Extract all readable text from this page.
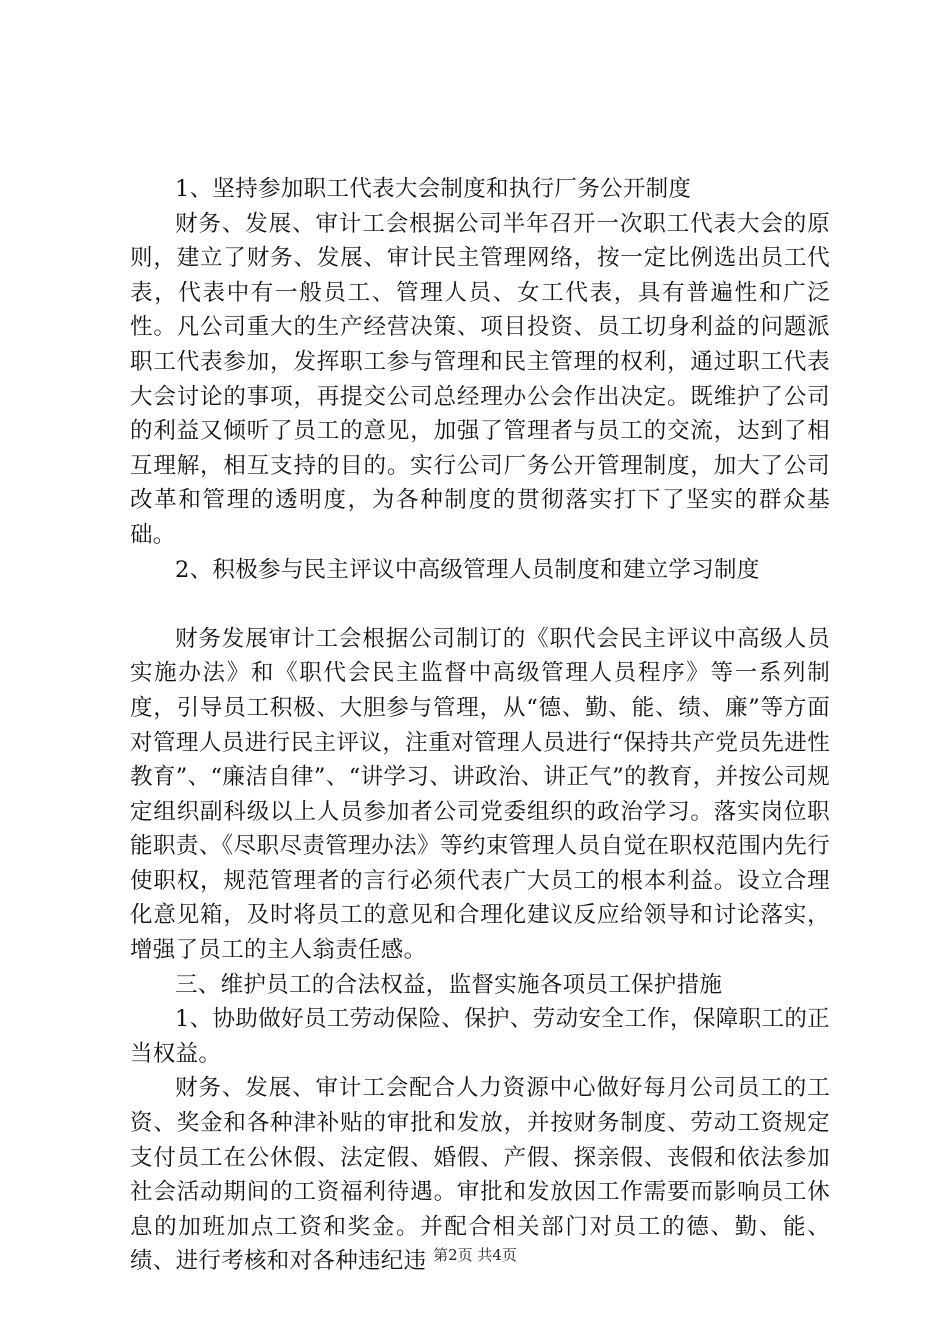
1、坚持参加职工代表大会制度和执行厂务公开制度

财务、发展、审计工会根据公司半年召开一次职工代表大会的原则，建立了财务、发展、审计民主管理网络，按一定比例选出员工代表，代表中有一般员工、管理人员、女工代表，具有普遍性和广泛性。凡公司重大的生产经营决策、项目投资、员工切身利益的问题派职工代表参加，发挥职工参与管理和民主管理的权利，通过职工代表大会讨论的事项，再提交公司总经理办公会作出决定。既维护了公司的利益又倾听了员工的意见，加强了管理者与员工的交流，达到了相互理解，相互支持的目的。实行公司厂务公开管理制度，加大了公司改革和管理的透明度，为各种制度的贯彻落实打下了坚实的群众基础。

2、积极参与民主评议中高级管理人员制度和建立学习制度

财务发展审计工会根据公司制订的《职代会民主评议中高级人员实施办法》和《职代会民主监督中高级管理人员程序》等一系列制度，引导员工积极、大胆参与管理，从“德、勤、能、绩、廉”等方面对管理人员进行民主评议，注重对管理人员进行“保持共产党员先进性教育”、“廉洁自律”、“讲学习、讲政治、讲正气”的教育，并按公司规定组织副科级以上人员参加者公司党委组织的政治学习。落实岗位职能职责、《尽职尽责管理办法》等约束管理人员自觉在职权范围内先行使职权，规范管理者的言行必须代表广大员工的根本利益。设立合理化意见箱，及时将员工的意见和合理化建议反应给领导和讨论落实，增强了员工的主人翁责任感。

三、维护员工的合法权益，监督实施各项员工保护措施

1、协助做好员工劳动保险、保护、劳动安全工作，保障职工的正当权益。

财务、发展、审计工会配合人力资源中心做好每月公司员工的工资、奖金和各种津补贴的审批和发放，并按财务制度、劳动工资规定支付员工在公休假、法定假、婚假、产假、探亲假、丧假和依法参加社会活动期间的工资福利待遇。审批和发放因工作需要而影响员工休息的加班加点工资和奖金。并配合相关部门对员工的德、勤、能、绩、进行考核和对各种违纪违 第2页 共4页
